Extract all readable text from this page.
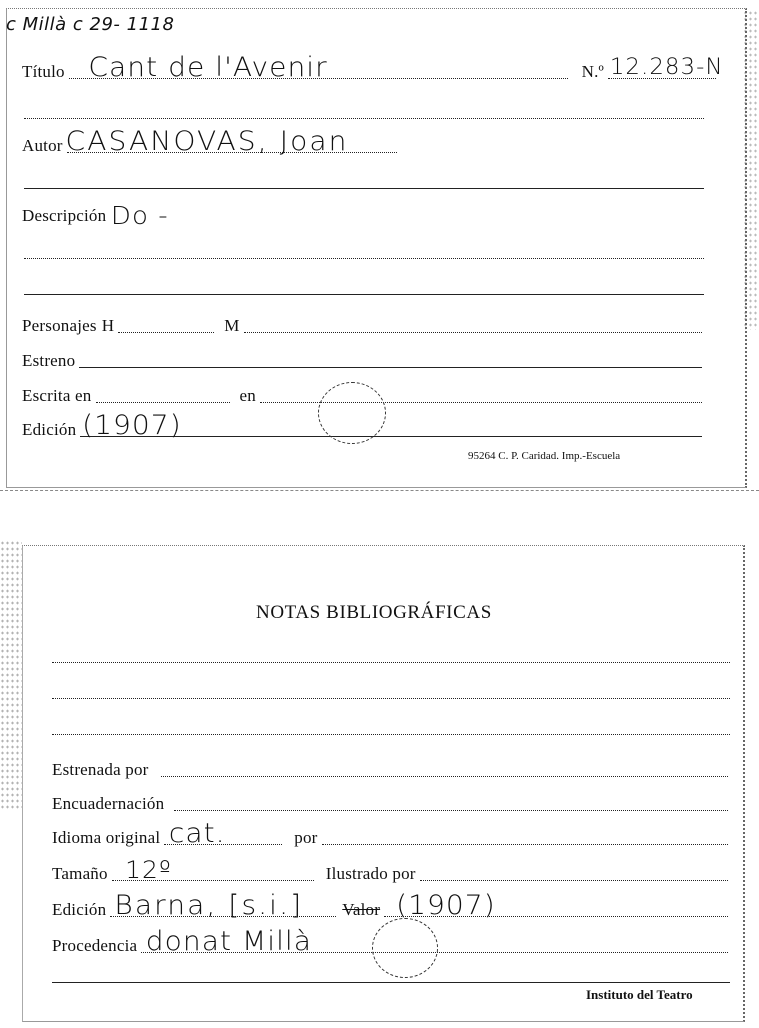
c Millà c 29- 1118
Título Cant de l'Avenir	N.º 12.283-N
Autor CASANOVAS, Joan
Descripción Do -
Personajes H	M
Estreno
Escrita en	en
Edición (1907)
95264 C. P. Caridad. Imp.-Escuela
NOTAS BIBLIOGRÁFICAS
Estrenada por
Encuadernación
Idioma original cat.	por
Tamaño 12º	Ilustrado por
Edición Barna, [s.i.] Valor (1907)
Procedencia donat Millà
Instituto del Teatro
